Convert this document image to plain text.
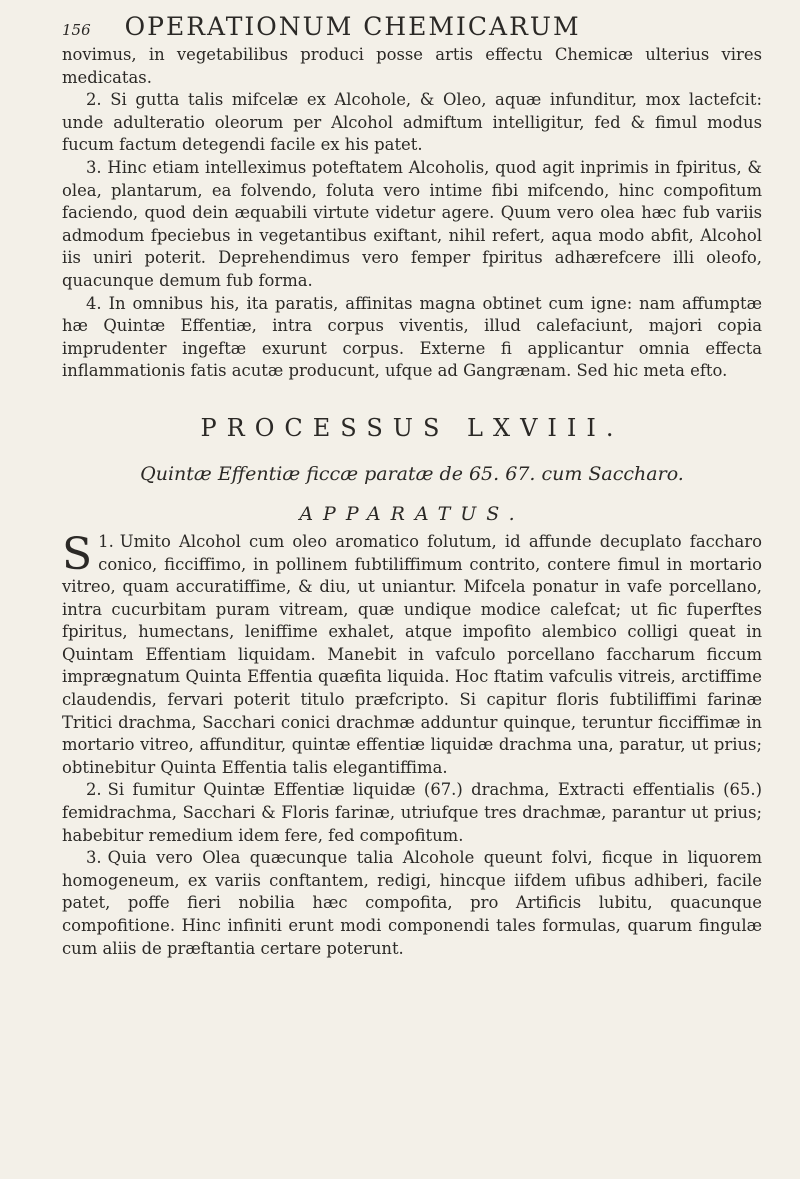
156 OPERATIONUM CHEMICARUM

novimus, in vegetabilibus produci posse artis effectu Chemicæ ulterius vires medicatas.

2. Si gutta talis mifcelæ ex Alcohole, & Oleo, aquæ infunditur, mox lactefcit: unde adulteratio oleorum per Alcohol admiftum intelligitur, fed & fimul modus fucum factum detegendi facile ex his patet.

3. Hinc etiam intelleximus poteftatem Alcoholis, quod agit inprimis in fpiritus, & olea, plantarum, ea folvendo, foluta vero intime fibi mifcendo, hinc compofitum faciendo, quod dein æquabili virtute videtur agere. Quum vero olea hæc fub variis admodum fpeciebus in vegetantibus exiftant, nihil refert, aqua modo abfit, Alcohol iis uniri poterit. Deprehendimus vero femper fpiritus adhærefcere illi oleofo, quacunque demum fub forma.

4. In omnibus his, ita paratis, affinitas magna obtinet cum igne: nam affumptæ hæ Quintæ Effentiæ, intra corpus viventis, illud calefaciunt, majori copia imprudenter ingeftæ exurunt corpus. Externe fi applicantur omnia effecta inflammationis fatis acutæ producunt, ufque ad Gangrænam. Sed hic meta efto.

PROCESSUS LXVIII.
Quintæ Effentiæ ficcæ paratæ de 65. 67. cum Saccharo.
APPARATUS.

1.
S Umito Alcohol cum oleo aromatico folutum, id affunde decuplato faccharo conico, ficciffimo, in pollinem fubtiliffimum contrito, contere fimul in mortario vitreo, quam accuratiffime, & diu, ut uniantur. Mifcela ponatur in vafe porcellano, intra cucurbitam puram vitream, quæ undique modice calefcat; ut fic fuperftes fpiritus, humectans, leniffime exhalet, atque impofito alembico colligi queat in Quintam Effentiam liquidam. Manebit in vafculo porcellano faccharum ficcum imprægnatum Quinta Effentia quæfita liquida. Hoc ftatim vafculis vitreis, arctiffime claudendis, fervari poterit titulo præfcripto. Si capitur floris fubtiliffimi farinæ Tritici drachma, Sacchari conici drachmæ adduntur quinque, teruntur ficciffimæ in mortario vitreo, affunditur, quintæ effentiæ liquidæ drachma una, paratur, ut prius; obtinebitur Quinta Effentia talis elegantiffima.

2. Si fumitur Quintæ Effentiæ liquidæ (67.) drachma, Extracti effentialis (65.) femidrachma, Sacchari & Floris farinæ, utriufque tres drachmæ, parantur ut prius; habebitur remedium idem fere, fed compofitum.

3. Quia vero Olea quæcunque talia Alcohole queunt folvi, ficque in liquorem homogeneum, ex variis conftantem, redigi, hincque iifdem ufibus adhiberi, facile patet, poffe fieri nobilia hæc compofita, pro Artificis lubitu, quacunque compofitione. Hinc infiniti erunt modi componendi tales formulas, quarum fingulæ cum aliis de præftantia certare poterunt.
